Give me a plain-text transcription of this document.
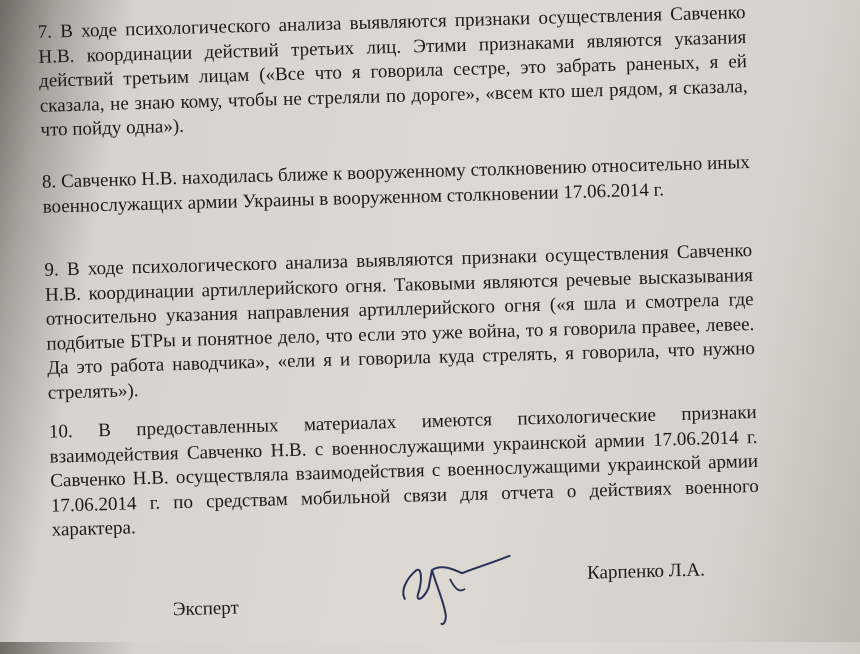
7. В ходе психологического анализа выявляются признаки осуществления Савченко Н.В. координации действий третьих лиц. Этими признаками являются указания действий третьим лицам («Все что я говорила сестре, это забрать раненых, я ей сказала, не знаю кому, чтобы не стреляли по дороге», «всем кто шел рядом, я сказала, что пойду одна»).
8. Савченко Н.В. находилась ближе к вооруженному столкновению относительно иных военнослужащих армии Украины в вооруженном столкновении 17.06.2014 г.
9. В ходе психологического анализа выявляются признаки осуществления Савченко Н.В. координации артиллерийского огня. Таковыми являются речевые высказывания относительно указания направления артиллерийского огня («я шла и смотрела где подбитые БТРы и понятное дело, что если это уже война, то я говорила правее, левее. Да это работа наводчика», «ели я и говорила куда стрелять, я говорила, что нужно стрелять»).
10. В предоставленных материалах имеются психологические признаки взаимодействия Савченко Н.В. с военнослужащими украинской армии 17.06.2014 г. Савченко Н.В. осуществляла взаимодействия с военнослужащими украинской армии 17.06.2014 г. по средствам мобильной связи для отчета о действиях военного характера.
Эксперт
Карпенко Л.А.
